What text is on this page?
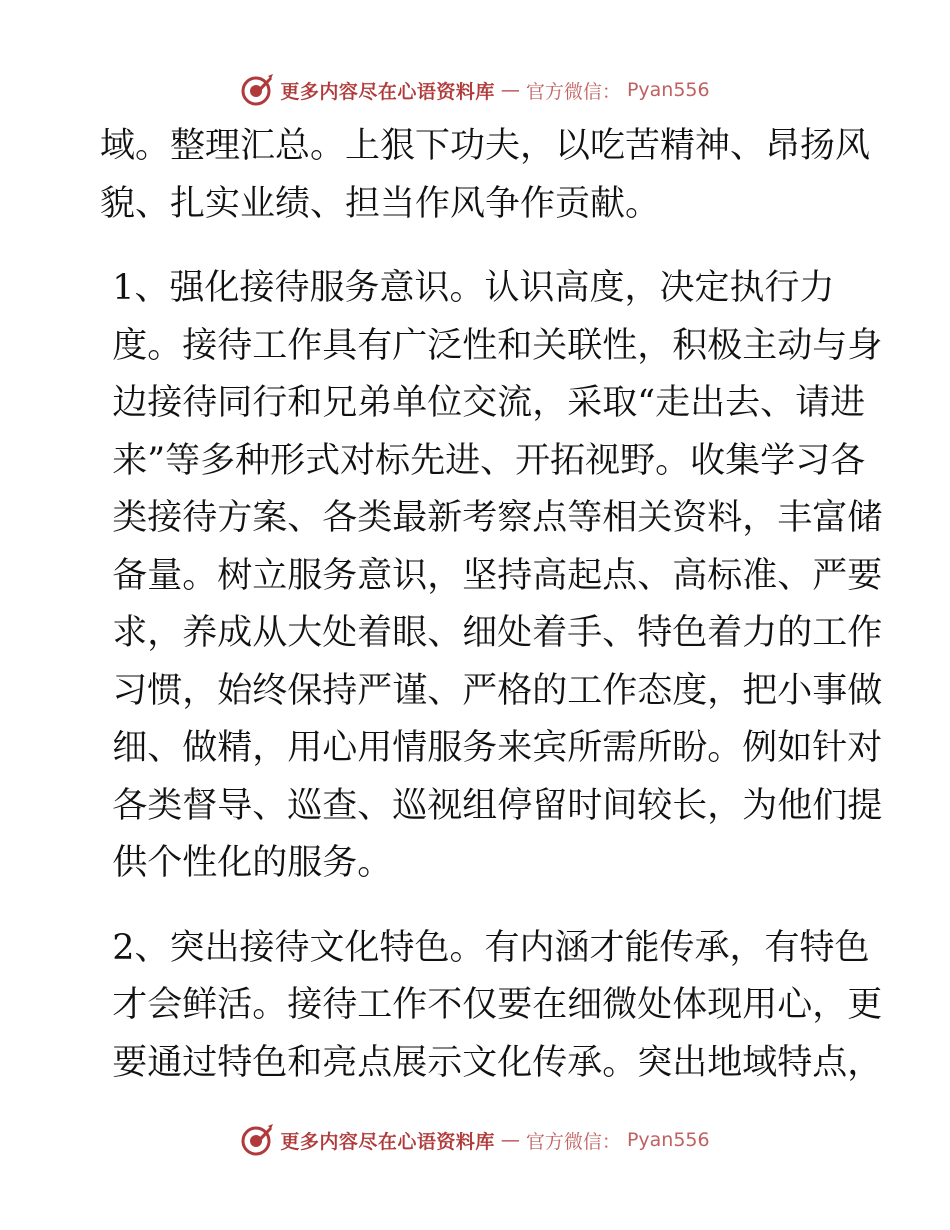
更多内容尽在心语资料库 — 官方微信： Pyan556

域。整理汇总。上狠下功夫，以吃苦精神、昂扬风
貌、扎实业绩、担当作风争作贡献。

1、强化接待服务意识。认识高度，决定执行力
度。接待工作具有广泛性和关联性，积极主动与身
边接待同行和兄弟单位交流，采取“走出去、请进
来”等多种形式对标先进、开拓视野。收集学习各
类接待方案、各类最新考察点等相关资料，丰富储
备量。树立服务意识，坚持高起点、高标准、严要
求，养成从大处着眼、细处着手、特色着力的工作
习惯，始终保持严谨、严格的工作态度，把小事做
细、做精，用心用情服务来宾所需所盼。例如针对
各类督导、巡查、巡视组停留时间较长，为他们提
供个性化的服务。

2、突出接待文化特色。有内涵才能传承，有特色
才会鲜活。接待工作不仅要在细微处体现用心，更
要通过特色和亮点展示文化传承。突出地域特点，

更多内容尽在心语资料库 — 官方微信： Pyan556
